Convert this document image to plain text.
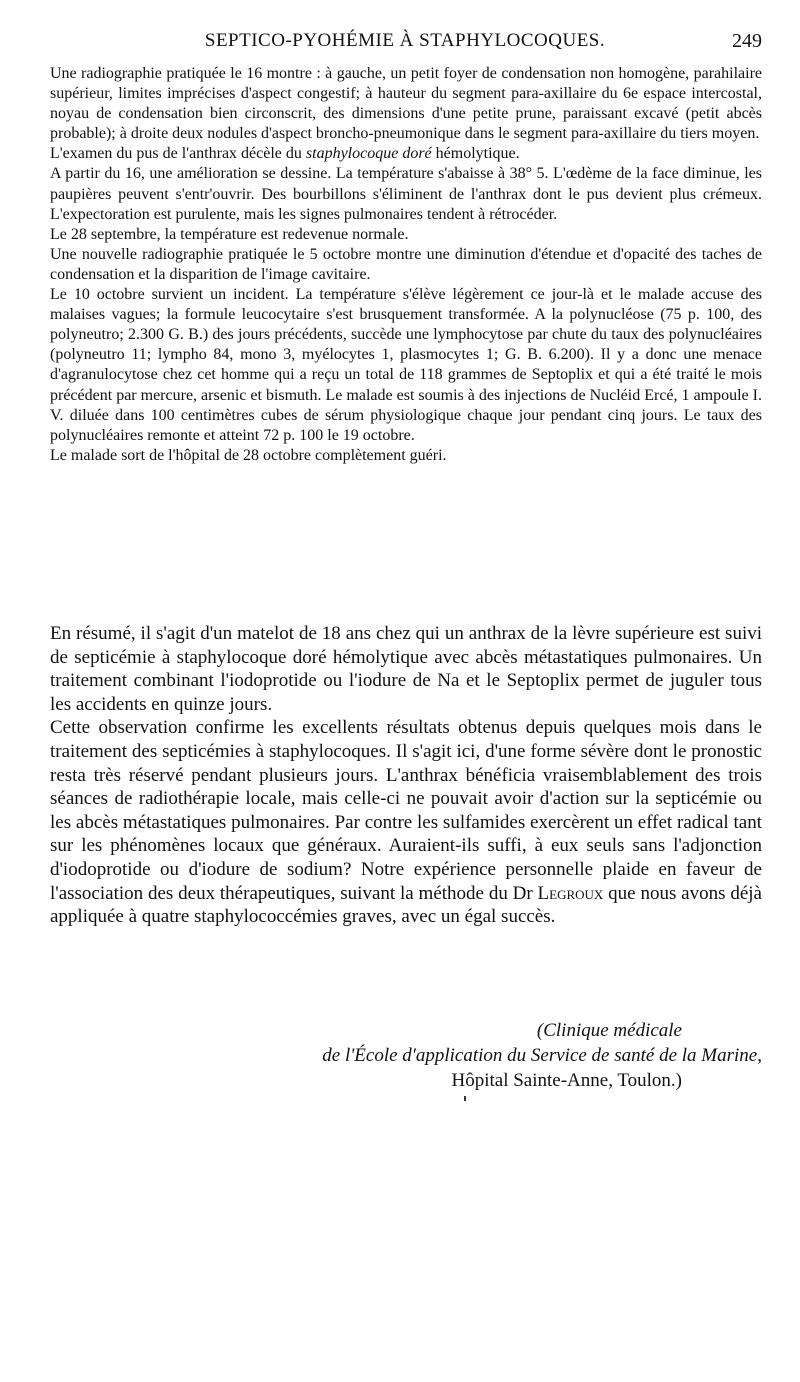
SEPTICO-PYOHÉMIE À STAPHYLOCOQUES.	249

Une radiographie pratiquée le 16 montre : à gauche, un petit foyer de condensation non homogène, parahilaire supérieur, limites imprécises d'aspect congestif; à hauteur du segment para-axillaire du 6e espace intercostal, noyau de condensation bien circonscrit, des dimensions d'une petite prune, paraissant excavé (petit abcès probable); à droite deux nodules d'aspect broncho-pneumonique dans le segment para-axillaire du tiers moyen.

L'examen du pus de l'anthrax décèle du staphylocoque doré hémolytique.

A partir du 16, une amélioration se dessine. La température s'abaisse à 38° 5. L'œdème de la face diminue, les paupières peuvent s'entr'ouvrir. Des bourbillons s'éliminent de l'anthrax dont le pus devient plus crémeux. L'expectoration est purulente, mais les signes pulmonaires tendent à rétrocéder.

Le 28 septembre, la température est redevenue normale.

Une nouvelle radiographie pratiquée le 5 octobre montre une diminution d'étendue et d'opacité des taches de condensation et la disparition de l'image cavitaire.

Le 10 octobre survient un incident. La température s'élève légèrement ce jour-là et le malade accuse des malaises vagues; la formule leucocytaire s'est brusquement transformée. A la polynucléose (75 p. 100, des polyneutro; 2.300 G. B.) des jours précédents, succède une lymphocytose par chute du taux des polynucléaires (polyneutro 11; lympho 84, mono 3, myélocytes 1, plasmocytes 1; G. B. 6.200). Il y a donc une menace d'agranulocytose chez cet homme qui a reçu un total de 118 grammes de Septoplix et qui a été traité le mois précédent par mercure, arsenic et bismuth. Le malade est soumis à des injections de Nucléid Ercé, 1 ampoule I. V. diluée dans 100 centimètres cubes de sérum physiologique chaque jour pendant cinq jours. Le taux des polynucléaires remonte et atteint 72 p. 100 le 19 octobre.

Le malade sort de l'hôpital de 28 octobre complètement guéri.

En résumé, il s'agit d'un matelot de 18 ans chez qui un anthrax de la lèvre supérieure est suivi de septicémie à staphylocoque doré hémolytique avec abcès métastatiques pulmonaires. Un traitement combinant l'iodoprotide ou l'iodure de Na et le Septoplix permet de juguler tous les accidents en quinze jours.

Cette observation confirme les excellents résultats obtenus depuis quelques mois dans le traitement des septicémies à staphylocoques. Il s'agit ici, d'une forme sévère dont le pronostic resta très réservé pendant plusieurs jours. L'anthrax bénéficia vraisemblablement des trois séances de radiothérapie locale, mais celle-ci ne pouvait avoir d'action sur la septicémie ou les abcès métastatiques pulmonaires. Par contre les sulfamides exercèrent un effet radical tant sur les phénomènes locaux que généraux. Auraient-ils suffi, à eux seuls sans l'adjonction d'iodoprotide ou d'iodure de sodium? Notre expérience personnelle plaide en faveur de l'association des deux thérapeutiques, suivant la méthode du Dr Legroux que nous avons déjà appliquée à quatre staphylococcémies graves, avec un égal succès.

(Clinique médicale
de l'École d'application du Service de santé de la Marine,
Hôpital Sainte-Anne, Toulon.)
